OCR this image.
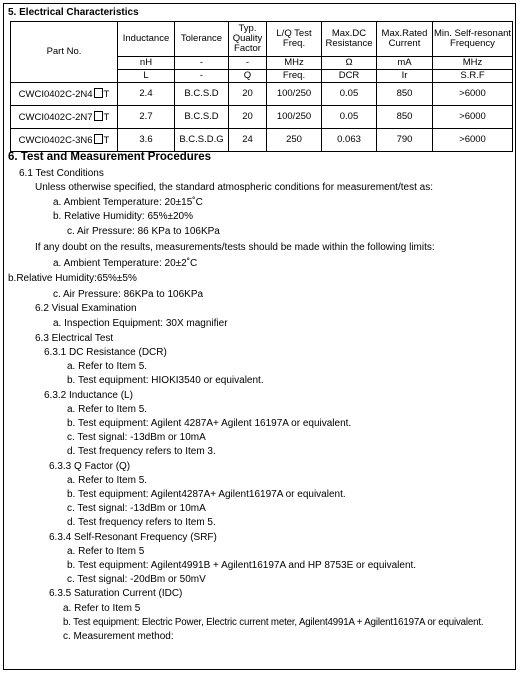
5. Electrical Characteristics
Part No.	Inductance	Tolerance	Typ. Quality Factor	L/Q Test Freq.	Max.DC Resistance	Max.Rated Current	Min. Self-resonant Frequency
	nH	-	-	MHz	Ω	mA	MHz
	L	-	Q	Freq.	DCR	Ir	S.R.F
CWCI0402C-2N4 T	2.4	B.C.S.D	20	100/250	0.05	850	>6000
CWCI0402C-2N7 T	2.7	B.C.S.D	20	100/250	0.05	850	>6000
CWCI0402C-3N6 T	3.6	B.C.S.D.G	24	250	0.063	790	>6000
6. Test and Measurement Procedures
6.1 Test Conditions
Unless otherwise specified, the standard atmospheric conditions for measurement/test as:
a. Ambient Temperature: 20±15˚C
b. Relative Humidity: 65%±20%
c. Air Pressure: 86 KPa to 106KPa
If any doubt on the results, measurements/tests should be made within the following limits:
a. Ambient Temperature: 20±2˚C
b.Relative Humidity:65%±5%
c. Air Pressure: 86KPa to 106KPa
6.2 Visual Examination
a. Inspection Equipment: 30X magnifier
6.3 Electrical Test
6.3.1 DC Resistance (DCR)
a. Refer to Item 5.
b. Test equipment: HIOKI3540 or equivalent.
6.3.2 Inductance (L)
a. Refer to Item 5.
b. Test equipment: Agilent 4287A+ Agilent 16197A or equivalent.
c. Test signal: -13dBm or 10mA
d. Test frequency refers to Item 3.
6.3.3 Q Factor (Q)
a. Refer to Item 5.
b. Test equipment: Agilent4287A+ Agilent16197A or equivalent.
c. Test signal: -13dBm or 10mA
d. Test frequency refers to Item 5.
6.3.4 Self-Resonant Frequency (SRF)
a. Refer to Item 5
b. Test equipment: Agilent4991B + Agilent16197A and HP 8753E or equivalent.
c. Test signal: -20dBm or 50mV
6.3.5 Saturation Current (IDC)
a. Refer to Item 5
b. Test equipment: Electric Power, Electric current meter, Agilent4991A + Agilent16197A or equivalent.
c. Measurement method:
